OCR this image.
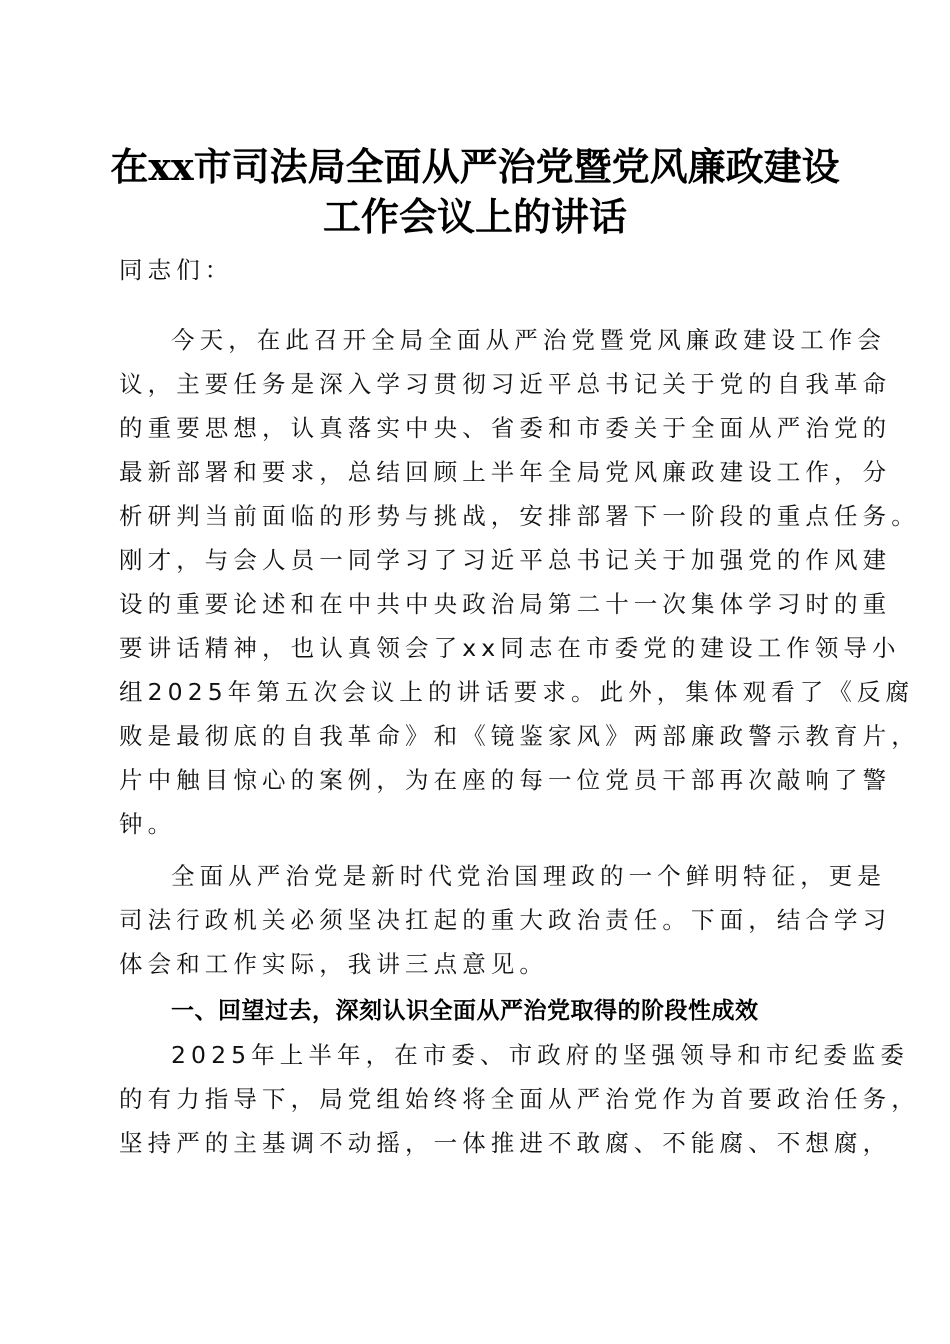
在xx市司法局全面从严治党暨党风廉政建设
工作会议上的讲话
同志们：
今天，在此召开全局全面从严治党暨党风廉政建设工作会
议，主要任务是深入学习贯彻习近平总书记关于党的自我革命
的重要思想，认真落实中央、省委和市委关于全面从严治党的
最新部署和要求，总结回顾上半年全局党风廉政建设工作，分
析研判当前面临的形势与挑战，安排部署下一阶段的重点任务。
刚才，与会人员一同学习了习近平总书记关于加强党的作风建
设的重要论述和在中共中央政治局第二十一次集体学习时的重
要讲话精神，也认真领会了xx同志在市委党的建设工作领导小
组2025年第五次会议上的讲话要求。此外，集体观看了《反腐
败是最彻底的自我革命》和《镜鉴家风》两部廉政警示教育片，
片中触目惊心的案例，为在座的每一位党员干部再次敲响了警
钟。
全面从严治党是新时代党治国理政的一个鲜明特征，更是
司法行政机关必须坚决扛起的重大政治责任。下面，结合学习
体会和工作实际，我讲三点意见。
一、回望过去，深刻认识全面从严治党取得的阶段性成效
2025年上半年，在市委、市政府的坚强领导和市纪委监委
的有力指导下，局党组始终将全面从严治党作为首要政治任务，
坚持严的主基调不动摇，一体推进不敢腐、不能腐、不想腐，
